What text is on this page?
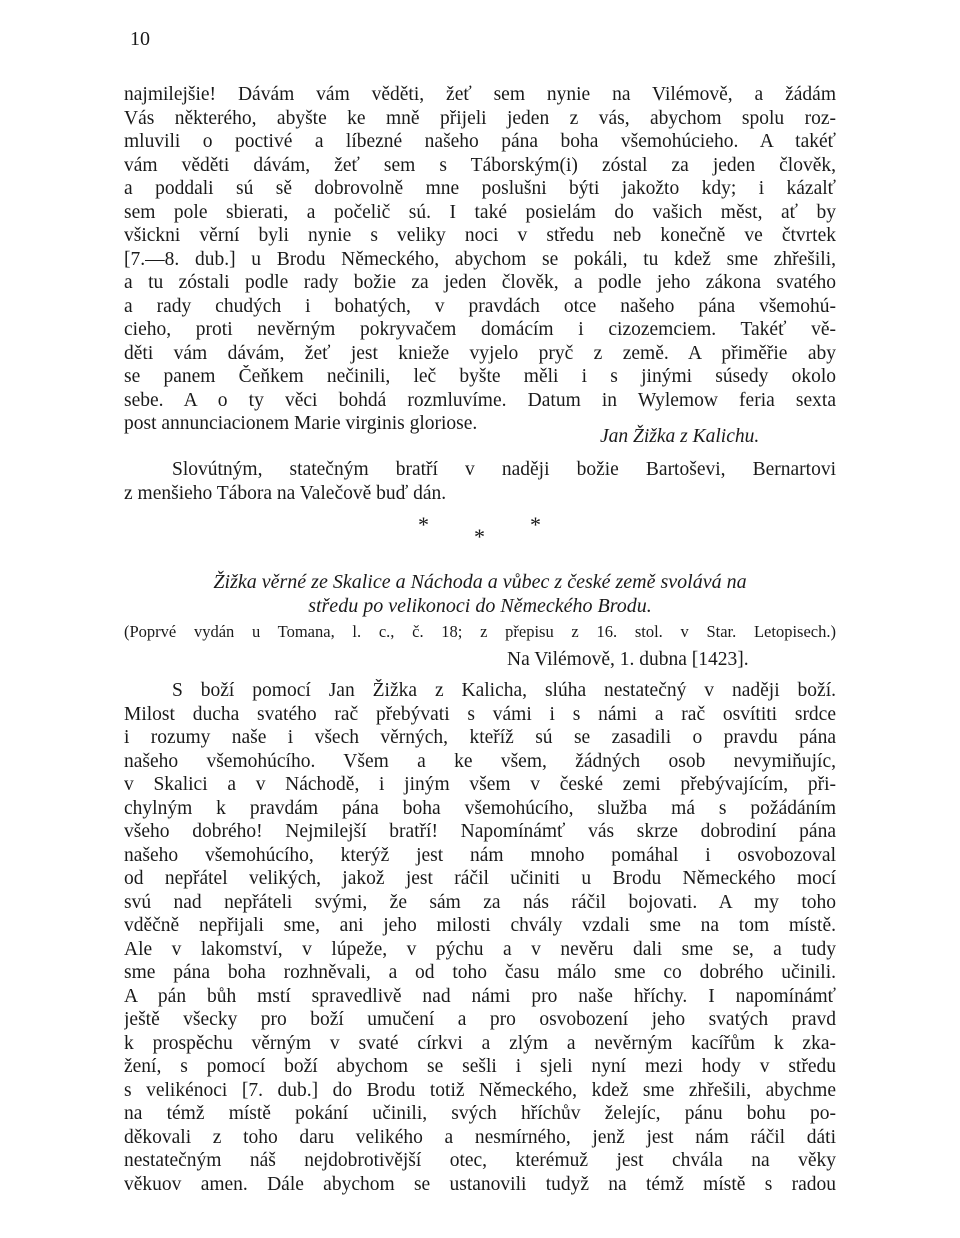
10
najmilejšie! Dávám vám věděti, žeť sem nynie na Vilémově, a žádám
Vás některého, abyšte ke mně přijeli jeden z vás, abychom spolu roz-
mluvili o poctivé a líbezné našeho pána boha všemohúcieho. A takéť
vám věděti dávám, žeť sem s Táborským(i) zóstal za jeden člověk,
a poddali sú sě dobrovolně mne poslušni býti jakožto kdy; i kázalť
sem pole sbierati, a počelič sú. I také posielám do vašich měst, ať by
všickni věrní byli nynie s veliky noci v středu neb konečně ve čtvrtek
[7.—8. dub.] u Brodu Německého, abychom se pokáli, tu kdež sme zhřešili,
a tu zóstali podle rady božie za jeden člověk, a podle jeho zákona svatého
a rady chudých i bohatých, v pravdách otce našeho pána všemohú-
cieho, proti nevěrným pokryvačem domácím i cizozemciem. Takéť vě-
děti vám dávám, žeť jest knieže vyjelo pryč z země. A přiměřie aby
se panem Čeňkem nečinili, leč byšte měli i s jinými súsedy okolo
sebe. A o ty věci bohdá rozmluvíme. Datum in Wylemow feria sexta
post annunciacionem Marie virginis gloriose.
Jan Žižka z Kalichu.
Slovútným, statečným bratří v naději božie Bartoševi, Bernartovi
z menšieho Tábora na Valečově buď dán.
* * *
Žižka věrné ze Skalice a Náchoda a vůbec z české země svolává na
středu po velikonoci do Německého Brodu.
(Poprvé vydán u Tomana, l. c., č. 18; z přepisu z 16. stol. v Star. Letopisech.)
Na Vilémově, 1. dubna [1423].
S boží pomocí Jan Žižka z Kalicha, slúha nestatečný v naději boží.
Milost ducha svatého rač přebývati s vámi i s námi a rač osvítiti srdce
i rozumy naše i všech věrných, kteříž sú se zasadili o pravdu pána
našeho všemohúcího. Všem a ke všem, žádných osob nevymiňujíc,
v Skalici a v Náchodě, i jiným všem v české zemi přebývajícím, při-
chylným k pravdám pána boha všemohúcího, služba má s požádáním
všeho dobrého! Nejmilejší bratří! Napomínámť vás skrze dobrodiní pána
našeho všemohúcího, kterýž jest nám mnoho pomáhal i osvobozoval
od nepřátel velikých, jakož jest ráčil učiniti u Brodu Německého mocí
svú nad nepřáteli svými, že sám za nás ráčil bojovati. A my toho
vděčně nepřijali sme, ani jeho milosti chvály vzdali sme na tom místě.
Ale v lakomství, v lúpeže, v pýchu a v nevěru dali sme se, a tudy
sme pána boha rozhněvali, a od toho času málo sme co dobrého učinili.
A pán bůh mstí spravedlivě nad námi pro naše hříchy. I napomínámť
ještě všecky pro boží umučení a pro osvobození jeho svatých pravd
k prospěchu věrným v svaté církvi a zlým a nevěrným kacířům k zka-
žení, s pomocí boží abychom se sešli i sjeli nyní mezi hody v středu
s velikénoci [7. dub.] do Brodu totiž Německého, kdež sme zhřešili, abychme
na témž místě pokání učinili, svých hříchův želejíc, pánu bohu po-
děkovali z toho daru velikého a nesmírného, jenž jest nám ráčil dáti
nestatečným náš nejdobrotivější otec, kterémuž jest chvála na věky
věkuov amen. Dále abychom se ustanovili tudyž na témž místě s radou
